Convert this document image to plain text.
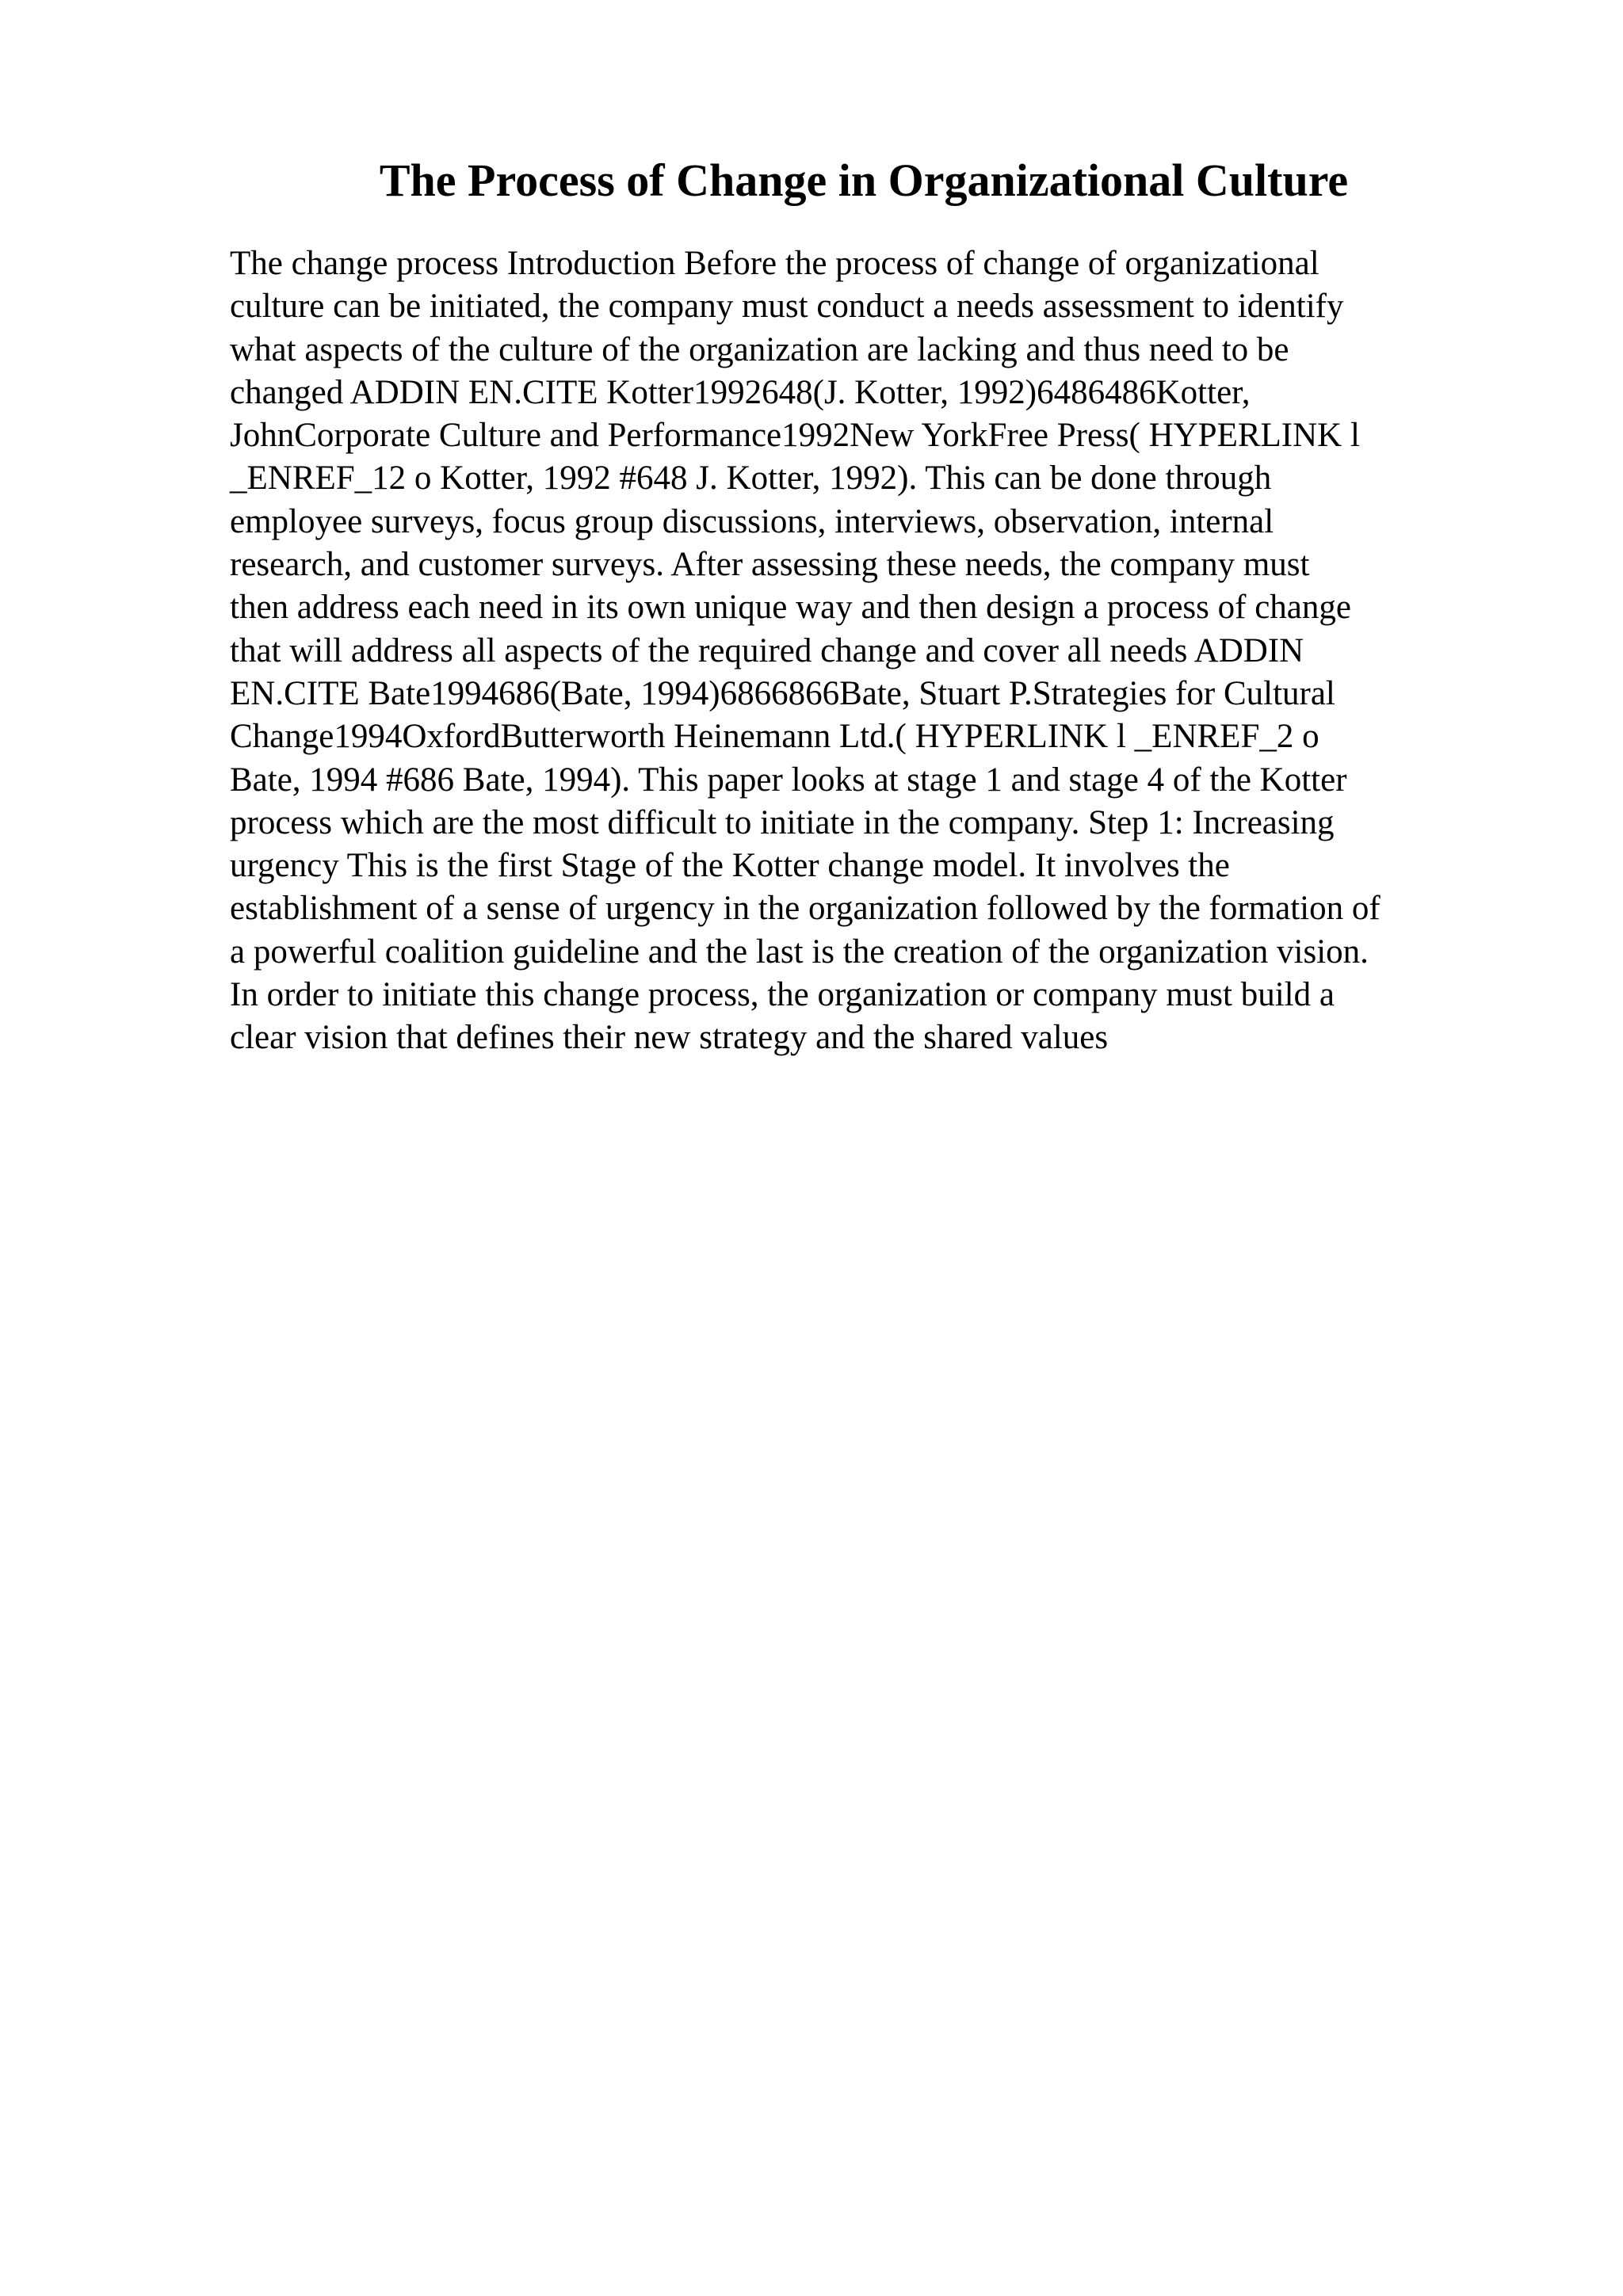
The Process of Change in Organizational Culture
The change process Introduction Before the process of change of organizational
culture can be initiated, the company must conduct a needs assessment to identify
what aspects of the culture of the organization are lacking and thus need to be
changed ADDIN EN.CITE Kotter1992648(J. Kotter, 1992)6486486Kotter,
JohnCorporate Culture and Performance1992New YorkFree Press( HYPERLINK l
_ENREF_12 o Kotter, 1992 #648 J. Kotter, 1992). This can be done through
employee surveys, focus group discussions, interviews, observation, internal
research, and customer surveys. After assessing these needs, the company must
then address each need in its own unique way and then design a process of change
that will address all aspects of the required change and cover all needs ADDIN
EN.CITE Bate1994686(Bate, 1994)6866866Bate, Stuart P.Strategies for Cultural
Change1994OxfordButterworth Heinemann Ltd.( HYPERLINK l _ENREF_2 o
Bate, 1994 #686 Bate, 1994). This paper looks at stage 1 and stage 4 of the Kotter
process which are the most difficult to initiate in the company. Step 1: Increasing
urgency This is the first Stage of the Kotter change model. It involves the
establishment of a sense of urgency in the organization followed by the formation of
a powerful coalition guideline and the last is the creation of the organization vision.
In order to initiate this change process, the organization or company must build a
clear vision that defines their new strategy and the shared values
